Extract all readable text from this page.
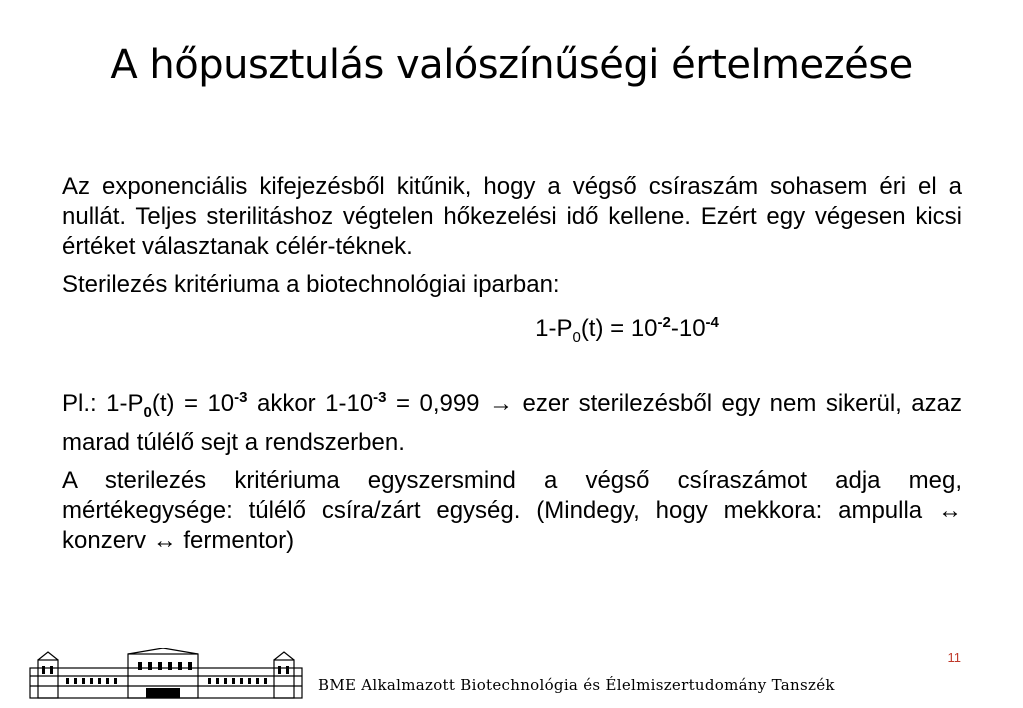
A hőpusztulás valószínűségi értelmezése

Az exponenciális kifejezésből kitűnik, hogy a végső csíraszám sohasem éri el a nullát. Teljes sterilitáshoz végtelen hőkezelési idő kellene. Ezért egy végesen kicsi értéket választanak célér-téknek.

Sterilezés kritériuma a biotechnológiai iparban:

$1-P_0(t) = 10^{-2}-10^{-4}$

Pl.: $1-P_0(t) = 10^{-3}$ akkor $1-10^{-3} = 0,999$ → ezer sterilezésből egy nem sikerül, azaz marad túlélő sejt a rendszerben.

A sterilezés kritériuma egyszersmind a végső csíraszámot adja meg, mértékegysége: túlélő csíra/zárt egység. (Mindegy, hogy mekkora: ampulla ↔ konzerv ↔ fermentor)

11
BME Alkalmazott Biotechnológia és Élelmiszertudomány Tanszék
